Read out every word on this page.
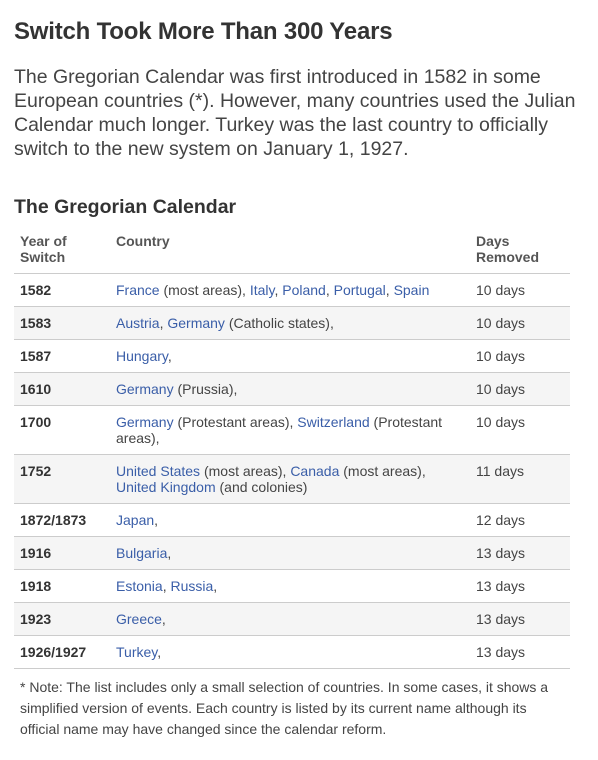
Switch Took More Than 300 Years

The Gregorian Calendar was first introduced in 1582 in some European countries (*). However, many countries used the Julian Calendar much longer. Turkey was the last country to officially switch to the new system on January 1, 1927.

The Gregorian Calendar
Year of Switch	Country	Days Removed
1582	France (most areas), Italy, Poland, Portugal, Spain	10 days
1583	Austria, Germany (Catholic states),	10 days
1587	Hungary,	10 days
1610	Germany (Prussia),	10 days
1700	Germany (Protestant areas), Switzerland (Protestant areas),	10 days
1752	United States (most areas), Canada (most areas), United Kingdom (and colonies)	11 days
1872/1873	Japan,	12 days
1916	Bulgaria,	13 days
1918	Estonia, Russia,	13 days
1923	Greece,	13 days
1926/1927	Turkey,	13 days

* Note: The list includes only a small selection of countries. In some cases, it shows a simplified version of events. Each country is listed by its current name although its official name may have changed since the calendar reform.
